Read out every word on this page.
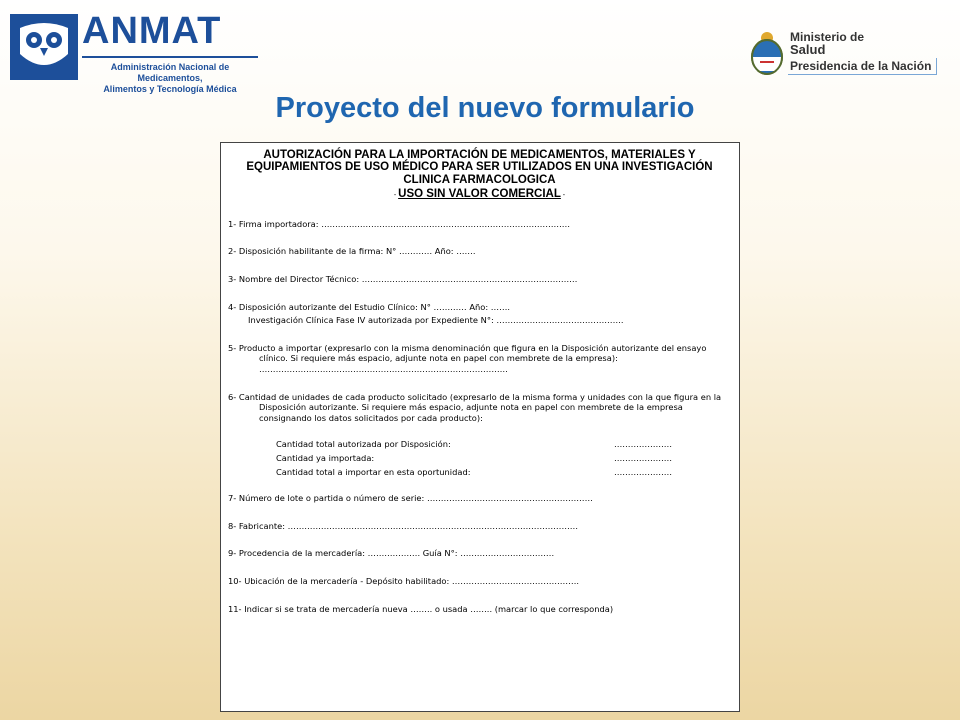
ANMAT
Administración Nacional de Medicamentos,
Alimentos y Tecnología Médica
Ministerio de
Salud
Presidencia de la Nación
Proyecto del nuevo formulario
AUTORIZACIÓN PARA LA IMPORTACIÓN DE MEDICAMENTOS, MATERIALES Y EQUIPAMIENTOS DE USO MÉDICO PARA SER UTILIZADOS EN UNA INVESTIGACIÓN CLINICA FARMACOLOGICA
- USO SIN VALOR COMERCIAL -

1- Firma importadora: ………………………………………………………………………………

2- Disposición habilitante de la firma: N° ………… Año: …….

3- Nombre del Director Técnico: ……………………………………………………………………

4- Disposición autorizante del Estudio Clínico: N° ………… Año: …….

Investigación Clínica Fase IV autorizada por Expediente N°: ……………………………………….

5- Producto a importar (expresarlo con la misma denominación que figura en la Disposición autorizante del ensayo clínico. Si requiere más espacio, adjunte nota en papel con membrete de la empresa): ………………………………………………………………………………

6- Cantidad de unidades de cada producto solicitado (expresarlo de la misma forma y unidades con la que figura en la Disposición autorizante. Si requiere más espacio, adjunte nota en papel con membrete de la empresa consignando los datos solicitados por cada producto):

Cantidad total autorizada por Disposición:	…………………
Cantidad ya importada:	…………………
Cantidad total a importar en esta oportunidad:	…………………

7- Número de lote o partida o número de serie: ……………………………………………………

8- Fabricante: ……………………………………………………………………………………………

9- Procedencia de la mercadería: ………………. Guía N°: …………………………….

10- Ubicación de la mercadería - Depósito habilitado: ……………………………………….

11- Indicar si se trata de mercadería nueva …….. o usada …….. (marcar lo que corresponda)
